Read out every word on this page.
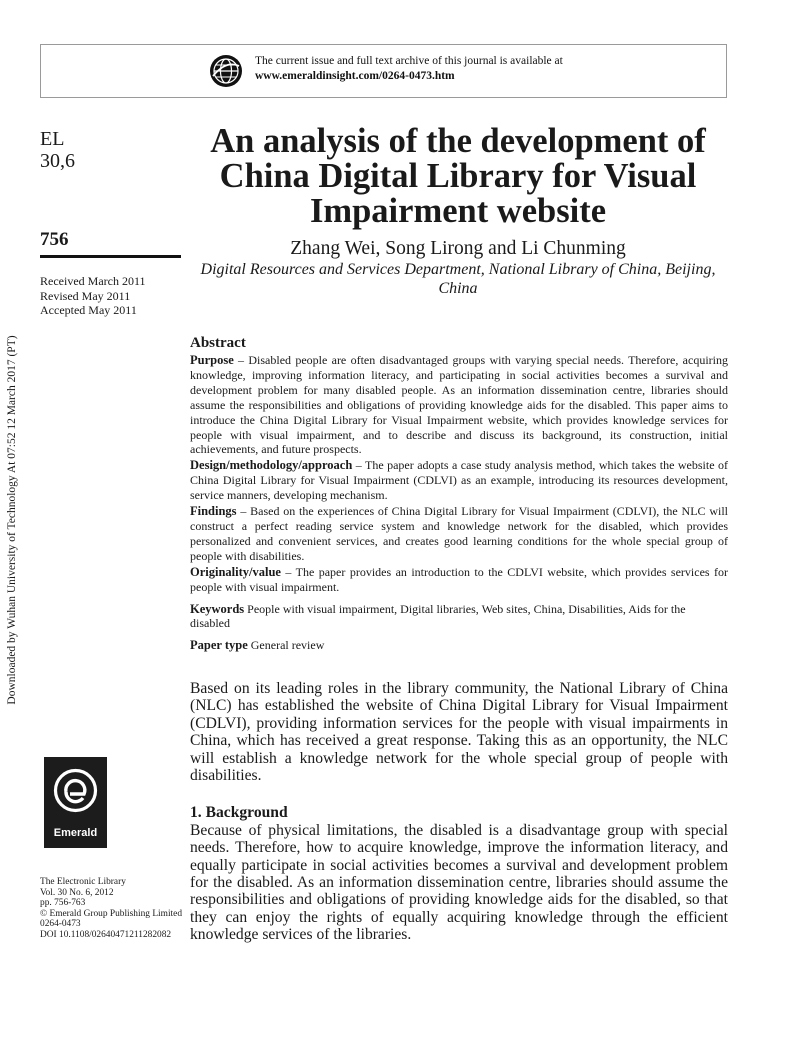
The current issue and full text archive of this journal is available at
www.emeraldinsight.com/0264-0473.htm
EL
30,6
756
Received March 2011
Revised May 2011
Accepted May 2011
An analysis of the development of China Digital Library for Visual Impairment website
Zhang Wei, Song Lirong and Li Chunming
Digital Resources and Services Department, National Library of China, Beijing, China
Abstract

Purpose – Disabled people are often disadvantaged groups with varying special needs. Therefore, acquiring knowledge, improving information literacy, and participating in social activities becomes a survival and development problem for many disabled people. As an information dissemination centre, libraries should assume the responsibilities and obligations of providing knowledge aids for the disabled. This paper aims to introduce the China Digital Library for Visual Impairment website, which provides knowledge services for people with visual impairment, and to describe and discuss its background, its construction, initial achievements, and future prospects.

Design/methodology/approach – The paper adopts a case study analysis method, which takes the website of China Digital Library for Visual Impairment (CDLVI) as an example, introducing its resources development, service manners, developing mechanism.

Findings – Based on the experiences of China Digital Library for Visual Impairment (CDLVI), the NLC will construct a perfect reading service system and knowledge network for the disabled, which provides personalized and convenient services, and creates good learning conditions for the whole special group of people with disabilities.

Originality/value – The paper provides an introduction to the CDLVI website, which provides services for people with visual impairment.

Keywords People with visual impairment, Digital libraries, Web sites, China, Disabilities, Aids for the disabled

Paper type General review

Based on its leading roles in the library community, the National Library of China (NLC) has established the website of China Digital Library for Visual Impairment (CDLVI), providing information services for the people with visual impairments in China, which has received a great response. Taking this as an opportunity, the NLC will establish a knowledge network for the whole special group of people with disabilities.

1. Background

Because of physical limitations, the disabled is a disadvantage group with special needs. Therefore, how to acquire knowledge, improve the information literacy, and equally participate in social activities becomes a survival and development problem for the disabled. As an information dissemination centre, libraries should assume the responsibilities and obligations of providing knowledge aids for the disabled, so that they can enjoy the rights of equally acquiring knowledge through the efficient knowledge services of the libraries.

Downloaded by Wuhan University of Technology At 07:52 12 March 2017 (PT)
Emerald
The Electronic Library
Vol. 30 No. 6, 2012
pp. 756-763
© Emerald Group Publishing Limited
0264-0473
DOI 10.1108/02640471211282082
